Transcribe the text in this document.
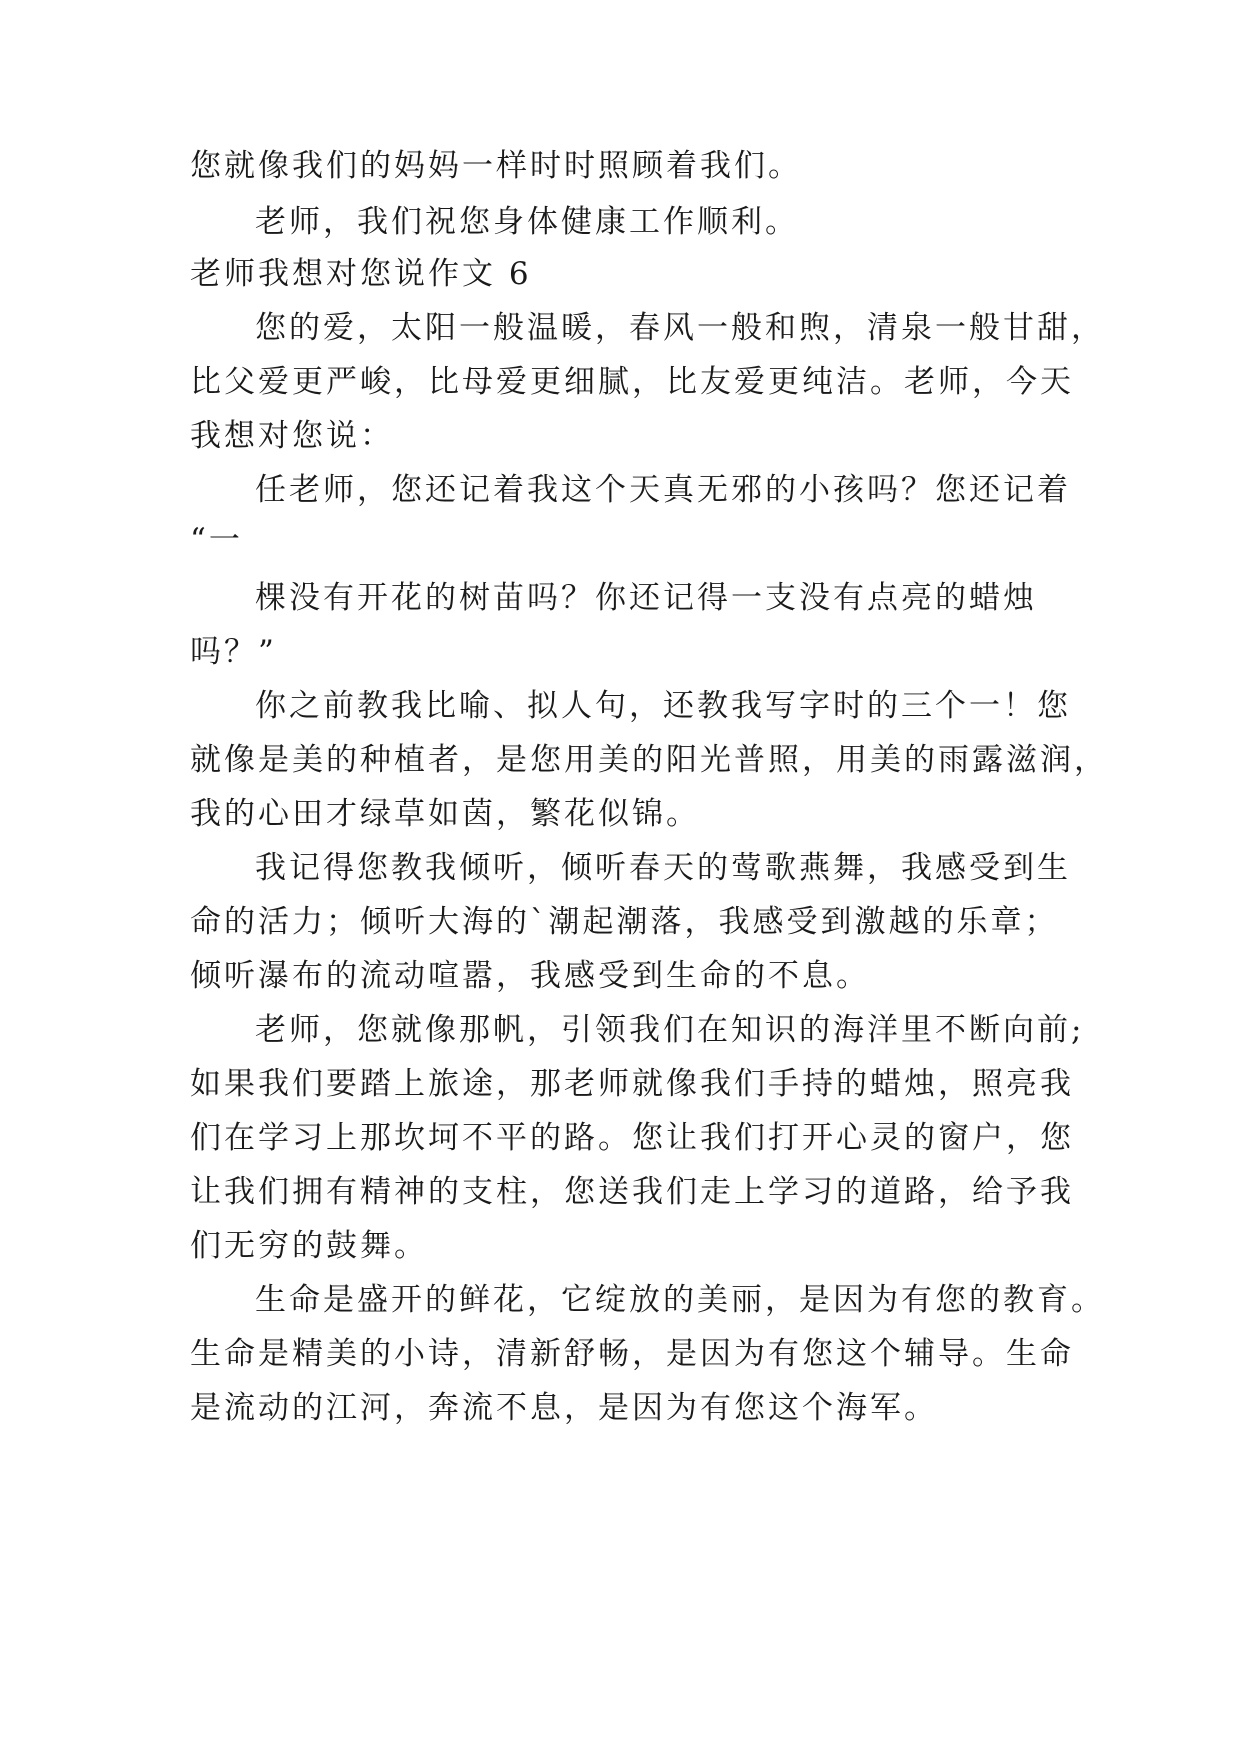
您就像我们的妈妈一样时时照顾着我们。
老师，我们祝您身体健康工作顺利。
老师我想对您说作文 6
您的爱，太阳一般温暖，春风一般和煦，清泉一般甘甜，
比父爱更严峻，比母爱更细腻，比友爱更纯洁。老师，今天
我想对您说：
任老师，您还记着我这个天真无邪的小孩吗？您还记着
“一
棵没有开花的树苗吗？你还记得一支没有点亮的蜡烛
吗？”
你之前教我比喻、拟人句，还教我写字时的三个一！您
就像是美的种植者，是您用美的阳光普照，用美的雨露滋润，
我的心田才绿草如茵，繁花似锦。
我记得您教我倾听，倾听春天的莺歌燕舞，我感受到生
命的活力；倾听大海的`潮起潮落，我感受到激越的乐章；
倾听瀑布的流动喧嚣，我感受到生命的不息。
老师，您就像那帆，引领我们在知识的海洋里不断向前;
如果我们要踏上旅途，那老师就像我们手持的蜡烛，照亮我
们在学习上那坎坷不平的路。您让我们打开心灵的窗户，您
让我们拥有精神的支柱，您送我们走上学习的道路，给予我
们无穷的鼓舞。
生命是盛开的鲜花，它绽放的美丽，是因为有您的教育。
生命是精美的小诗，清新舒畅，是因为有您这个辅导。生命
是流动的江河，奔流不息，是因为有您这个海军。
